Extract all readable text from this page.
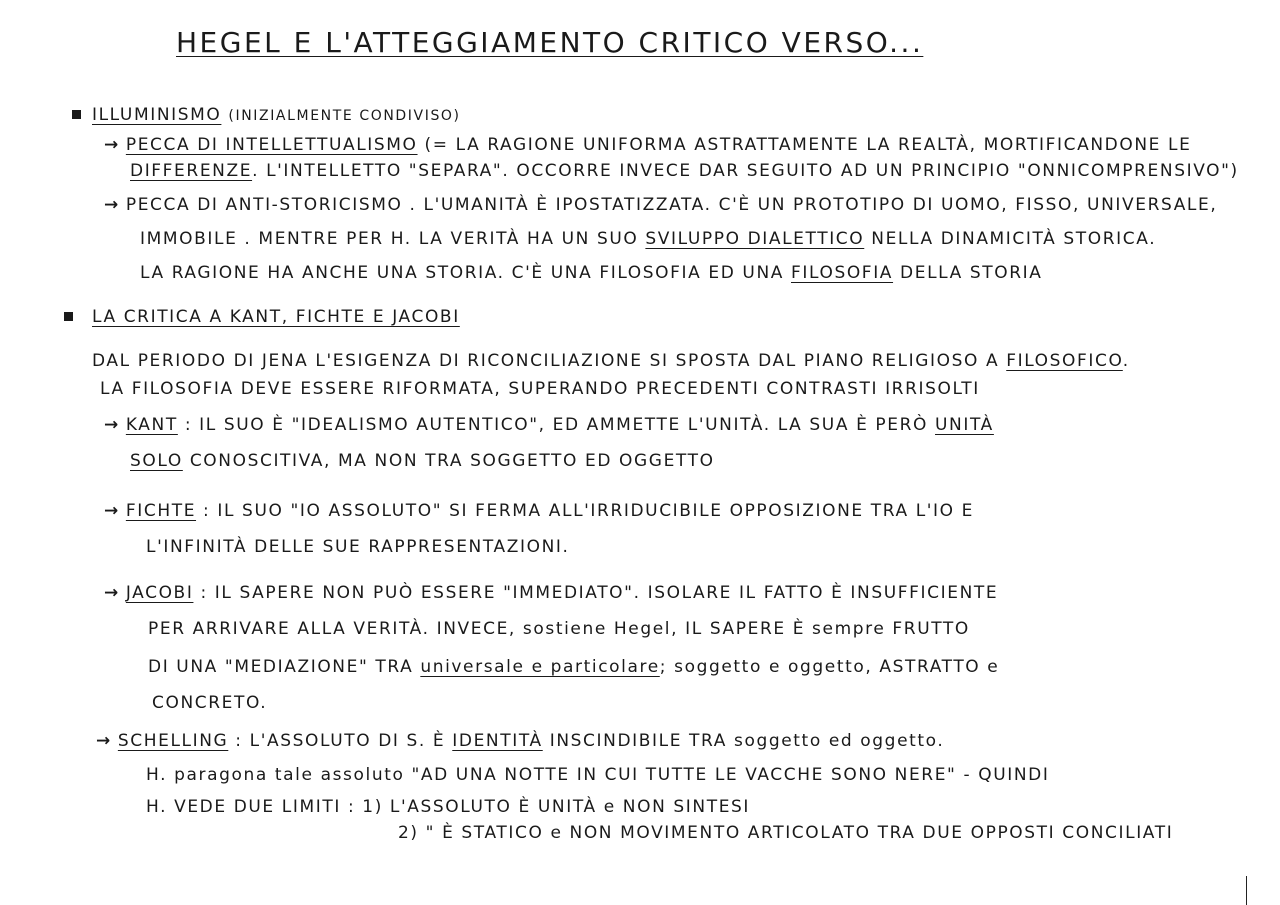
HEGEL E L'ATTEGGIAMENTO CRITICO VERSO...
ILLUMINISMO (INIZIALMENTE CONDIVISO)
→ PECCA DI INTELLETTUALISMO (= LA RAGIONE UNIFORMA ASTRATTAMENTE LA REALTÀ, MORTIFICANDONE LE
DIFFERENZE. L'INTELLETTO "SEPARA". OCCORRE INVECE DAR SEGUITO AD UN PRINCIPIO "ONNICOMPRENSIVO")
→ PECCA DI ANTI-STORICISMO . L'UMANITÀ È IPOSTATIZZATA. C'È UN PROTOTIPO DI UOMO, FISSO, UNIVERSALE,
IMMOBILE . MENTRE PER H. LA VERITÀ HA UN SUO SVILUPPO DIALETTICO NELLA DINAMICITÀ STORICA.
LA RAGIONE HA ANCHE UNA STORIA. C'È UNA FILOSOFIA ED UNA FILOSOFIA DELLA STORIA
LA CRITICA A KANT, FICHTE E JACOBI
DAL PERIODO DI JENA L'ESIGENZA DI RICONCILIAZIONE SI SPOSTA DAL PIANO RELIGIOSO A FILOSOFICO.
LA FILOSOFIA DEVE ESSERE RIFORMATA, SUPERANDO PRECEDENTI CONTRASTI IRRISOLTI
→ KANT : IL SUO È "IDEALISMO AUTENTICO", ED AMMETTE L'UNITÀ. LA SUA È PERÒ UNITÀ
SOLO CONOSCITIVA, MA NON TRA SOGGETTO ED OGGETTO
→ FICHTE : IL SUO "IO ASSOLUTO" SI FERMA ALL'IRRIDUCIBILE OPPOSIZIONE TRA L'IO E
L'INFINITÀ DELLE SUE RAPPRESENTAZIONI.
→ JACOBI : IL SAPERE NON PUÒ ESSERE "IMMEDIATO". ISOLARE IL FATTO È INSUFFICIENTE
PER ARRIVARE ALLA VERITÀ. INVECE, sostiene Hegel, IL SAPERE È sempre FRUTTO
DI UNA "MEDIAZIONE" TRA universale e particolare; soggetto e oggetto, ASTRATTO e
CONCRETO.
→ SCHELLING : L'ASSOLUTO DI S. È IDENTITÀ INSCINDIBILE TRA soggetto ed oggetto.
H. paragona tale assoluto "AD UNA NOTTE IN CUI TUTTE LE VACCHE SONO NERE" - QUINDI
H. VEDE DUE LIMITI : 1) L'ASSOLUTO È UNITÀ e NON SINTESI
2) " È STATICO e NON MOVIMENTO ARTICOLATO TRA DUE OPPOSTI CONCILIATI
